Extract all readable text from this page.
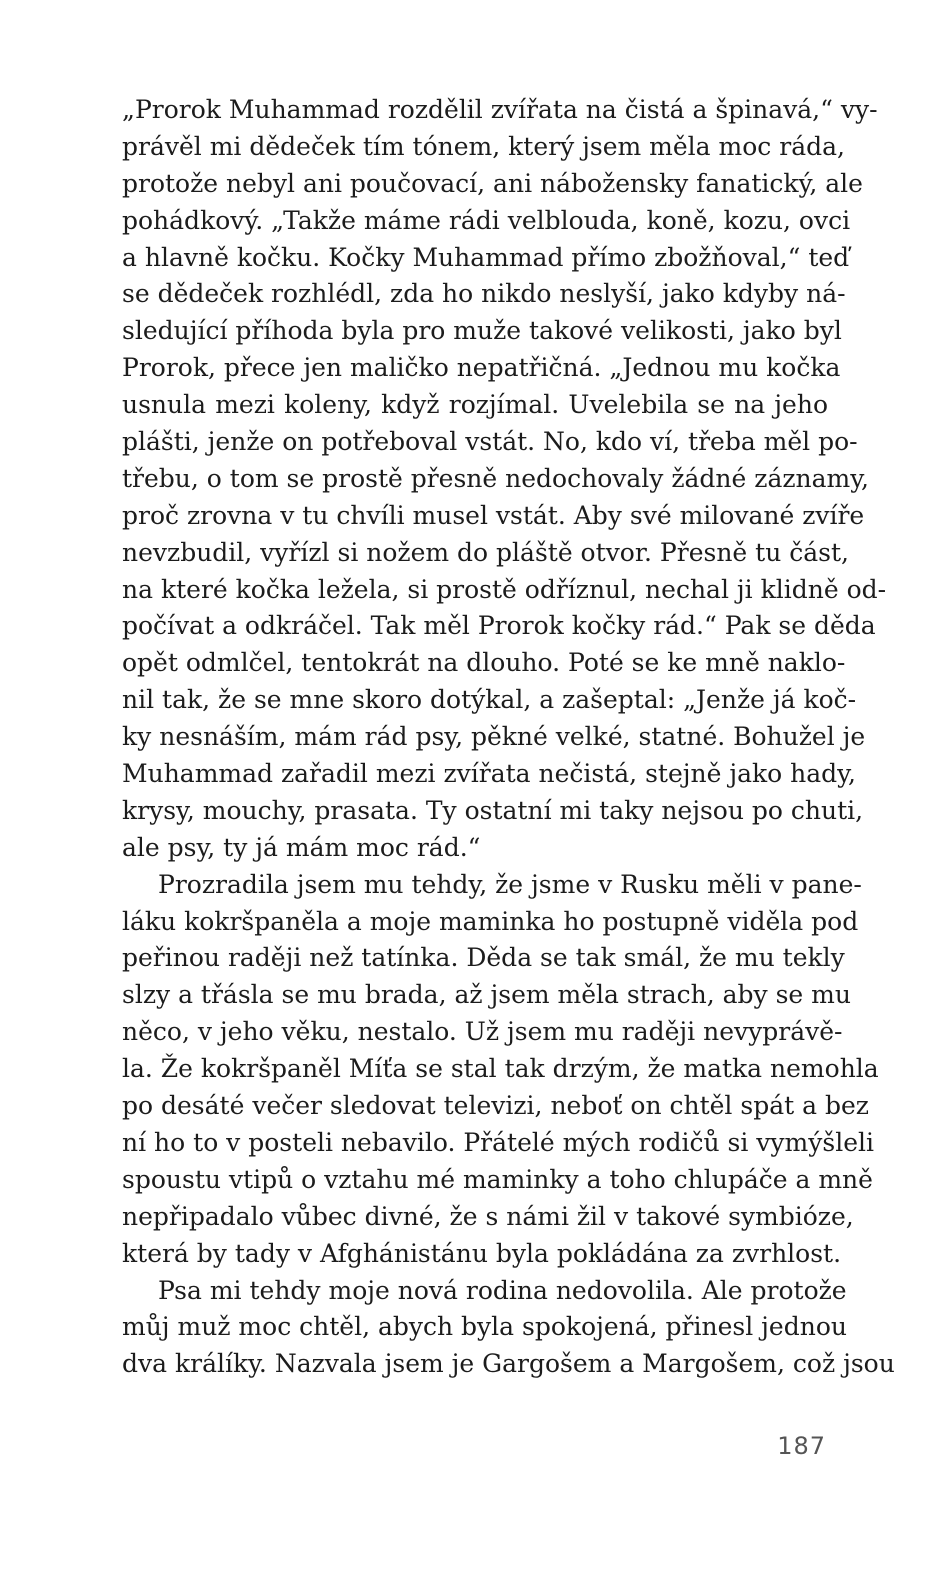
„Prorok Muhammad rozdělil zvířata na čistá a špinavá,“ vy-
právěl mi dědeček tím tónem, který jsem měla moc ráda,
protože nebyl ani poučovací, ani nábožensky fanatický, ale
pohádkový. „Takže máme rádi velblouda, koně, kozu, ovci
a hlavně kočku. Kočky Muhammad přímo zbožňoval,“ teď
se dědeček rozhlédl, zda ho nikdo neslyší, jako kdyby ná-
sledující příhoda byla pro muže takové velikosti, jako byl
Prorok, přece jen maličko nepatřičná. „Jednou mu kočka
usnula mezi koleny, když rozjímal. Uvelebila se na jeho
plášti, jenže on potřeboval vstát. No, kdo ví, třeba měl po-
třebu, o tom se prostě přesně nedochovaly žádné záznamy,
proč zrovna v tu chvíli musel vstát. Aby své milované zvíře
nevzbudil, vyřízl si nožem do pláště otvor. Přesně tu část,
na které kočka ležela, si prostě odříznul, nechal ji klidně od-
počívat a odkráčel. Tak měl Prorok kočky rád.“ Pak se děda
opět odmlčel, tentokrát na dlouho. Poté se ke mně naklo-
nil tak, že se mne skoro dotýkal, a zašeptal: „Jenže já koč-
ky nesnáším, mám rád psy, pěkné velké, statné. Bohužel je
Muhammad zařadil mezi zvířata nečistá, stejně jako hady,
krysy, mouchy, prasata. Ty ostatní mi taky nejsou po chuti,
ale psy, ty já mám moc rád.“
Prozradila jsem mu tehdy, že jsme v Rusku měli v pane-
láku kokršpaněla a moje maminka ho postupně viděla pod
peřinou raději než tatínka. Děda se tak smál, že mu tekly
slzy a třásla se mu brada, až jsem měla strach, aby se mu
něco, v jeho věku, nestalo. Už jsem mu raději nevyprávě-
la. Že kokršpaněl Míťa se stal tak drzým, že matka nemohla
po desáté večer sledovat televizi, neboť on chtěl spát a bez
ní ho to v posteli nebavilo. Přátelé mých rodičů si vymýšleli
spoustu vtipů o vztahu mé maminky a toho chlupáče a mně
nepřipadalo vůbec divné, že s námi žil v takové symbióze,
která by tady v Afghánistánu byla pokládána za zvrhlost.
Psa mi tehdy moje nová rodina nedovolila. Ale protože
můj muž moc chtěl, abych byla spokojená, přinesl jednou
dva králíky. Nazvala jsem je Gargošem a Margošem, což jsou
187
